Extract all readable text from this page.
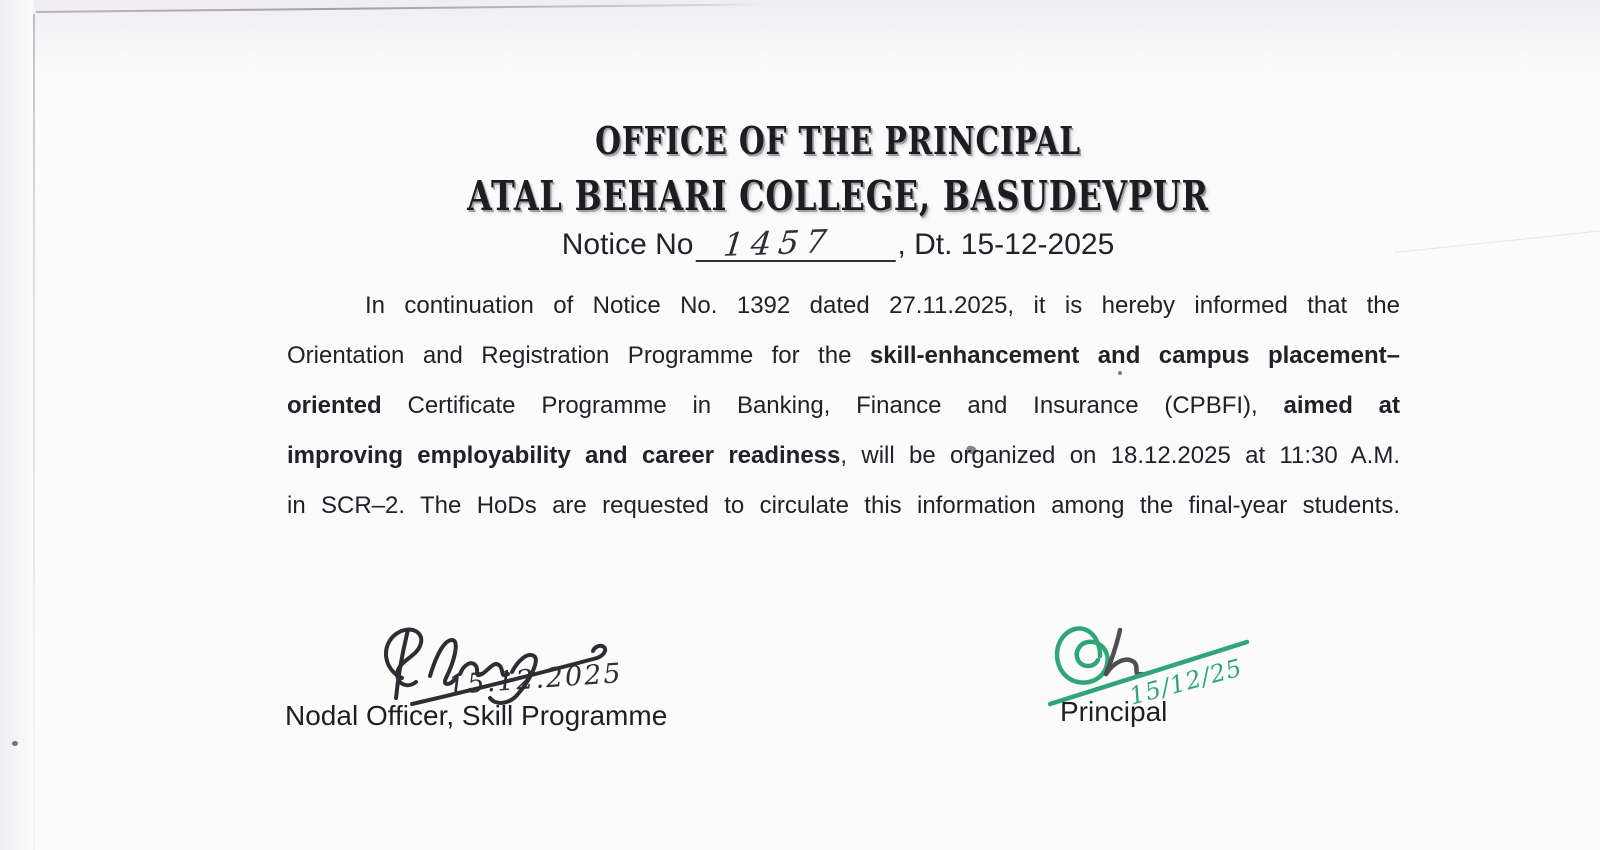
OFFICE OF THE PRINCIPAL
ATAL BEHARI COLLEGE, BASUDEVPUR
Notice No 1457 , Dt. 15-12-2025
In continuation of Notice No. 1392 dated 27.11.2025, it is hereby informed that the
Orientation and Registration Programme for the skill-enhancement and campus placement–
oriented Certificate Programme in Banking, Finance and Insurance (CPBFI), aimed at
improving employability and career readiness, will be organized on 18.12.2025 at 11:30 A.M.
in SCR–2. The HoDs are requested to circulate this information among the final-year students.
15.12.2025
Nodal Officer, Skill Programme
15/12/25
Principal
